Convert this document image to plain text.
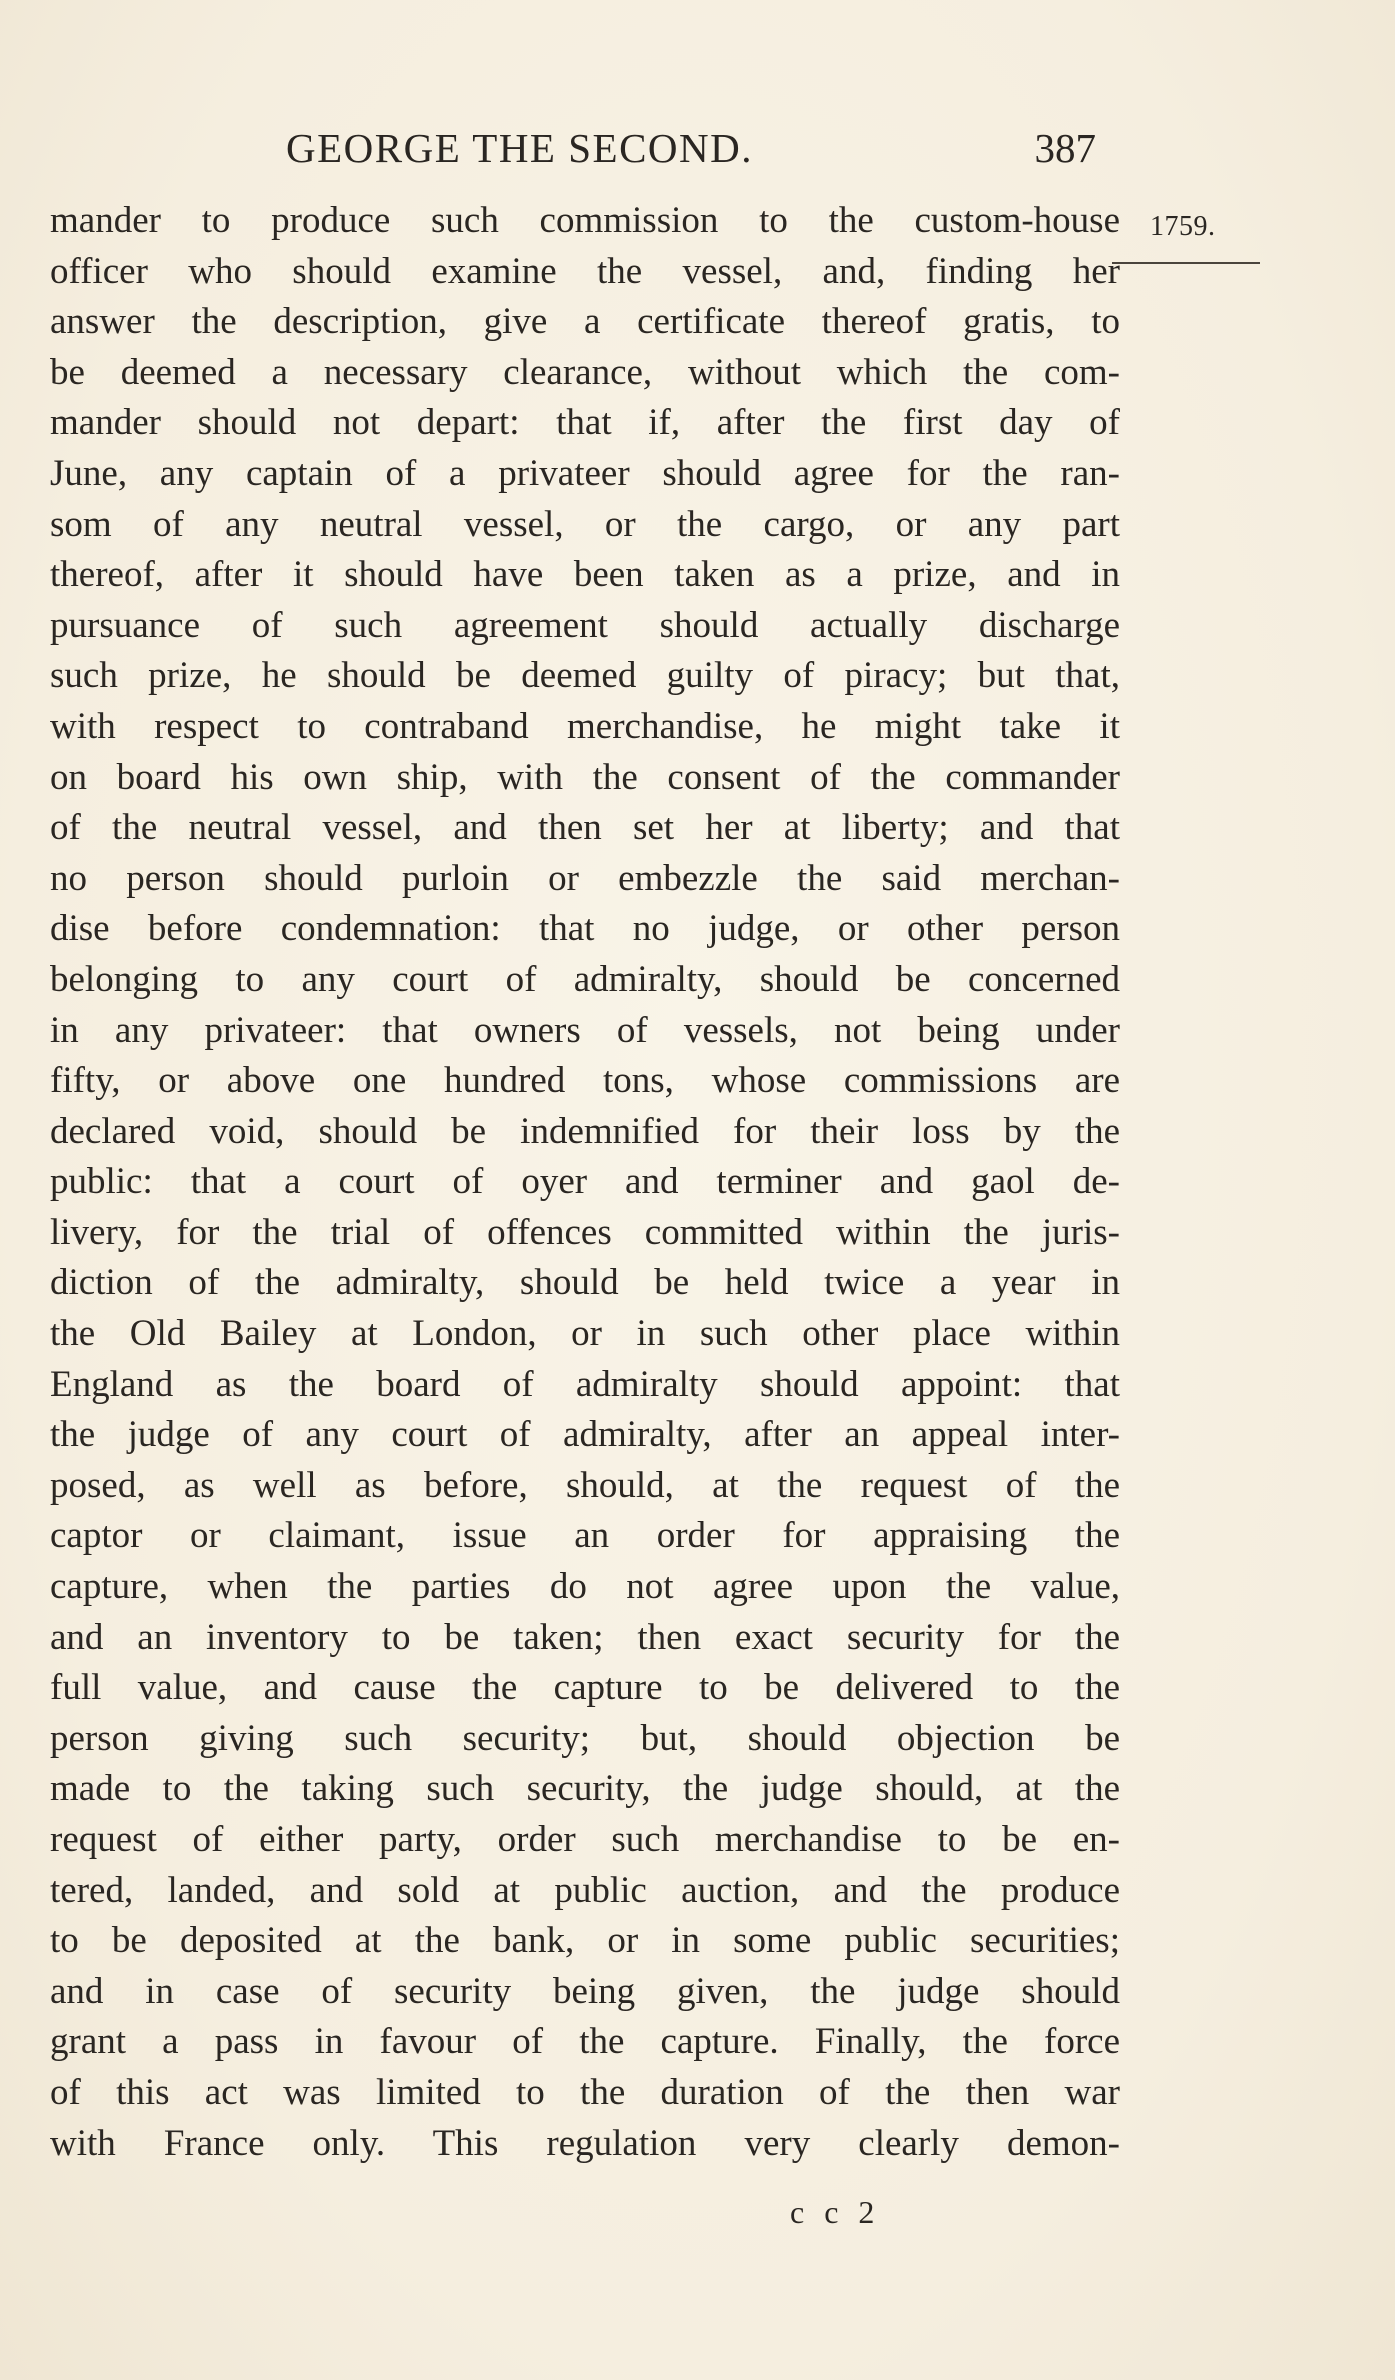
GEORGE THE SECOND.	387
1759.
mander to produce such commission to the custom-house
officer who should examine the vessel, and, finding her
answer the description, give a certificate thereof gratis, to
be deemed a necessary clearance, without which the com-
mander should not depart: that if, after the first day of
June, any captain of a privateer should agree for the ran-
som of any neutral vessel, or the cargo, or any part
thereof, after it should have been taken as a prize, and in
pursuance of such agreement should actually discharge
such prize, he should be deemed guilty of piracy; but that,
with respect to contraband merchandise, he might take it
on board his own ship, with the consent of the commander
of the neutral vessel, and then set her at liberty; and that
no person should purloin or embezzle the said merchan-
dise before condemnation: that no judge, or other person
belonging to any court of admiralty, should be concerned
in any privateer: that owners of vessels, not being under
fifty, or above one hundred tons, whose commissions are
declared void, should be indemnified for their loss by the
public: that a court of oyer and terminer and gaol de-
livery, for the trial of offences committed within the juris-
diction of the admiralty, should be held twice a year in
the Old Bailey at London, or in such other place within
England as the board of admiralty should appoint: that
the judge of any court of admiralty, after an appeal inter-
posed, as well as before, should, at the request of the
captor or claimant, issue an order for appraising the
capture, when the parties do not agree upon the value,
and an inventory to be taken; then exact security for the
full value, and cause the capture to be delivered to the
person giving such security; but, should objection be
made to the taking such security, the judge should, at the
request of either party, order such merchandise to be en-
tered, landed, and sold at public auction, and the produce
to be deposited at the bank, or in some public securities;
and in case of security being given, the judge should
grant a pass in favour of the capture. Finally, the force
of this act was limited to the duration of the then war
with France only. This regulation very clearly demon-
c c 2
